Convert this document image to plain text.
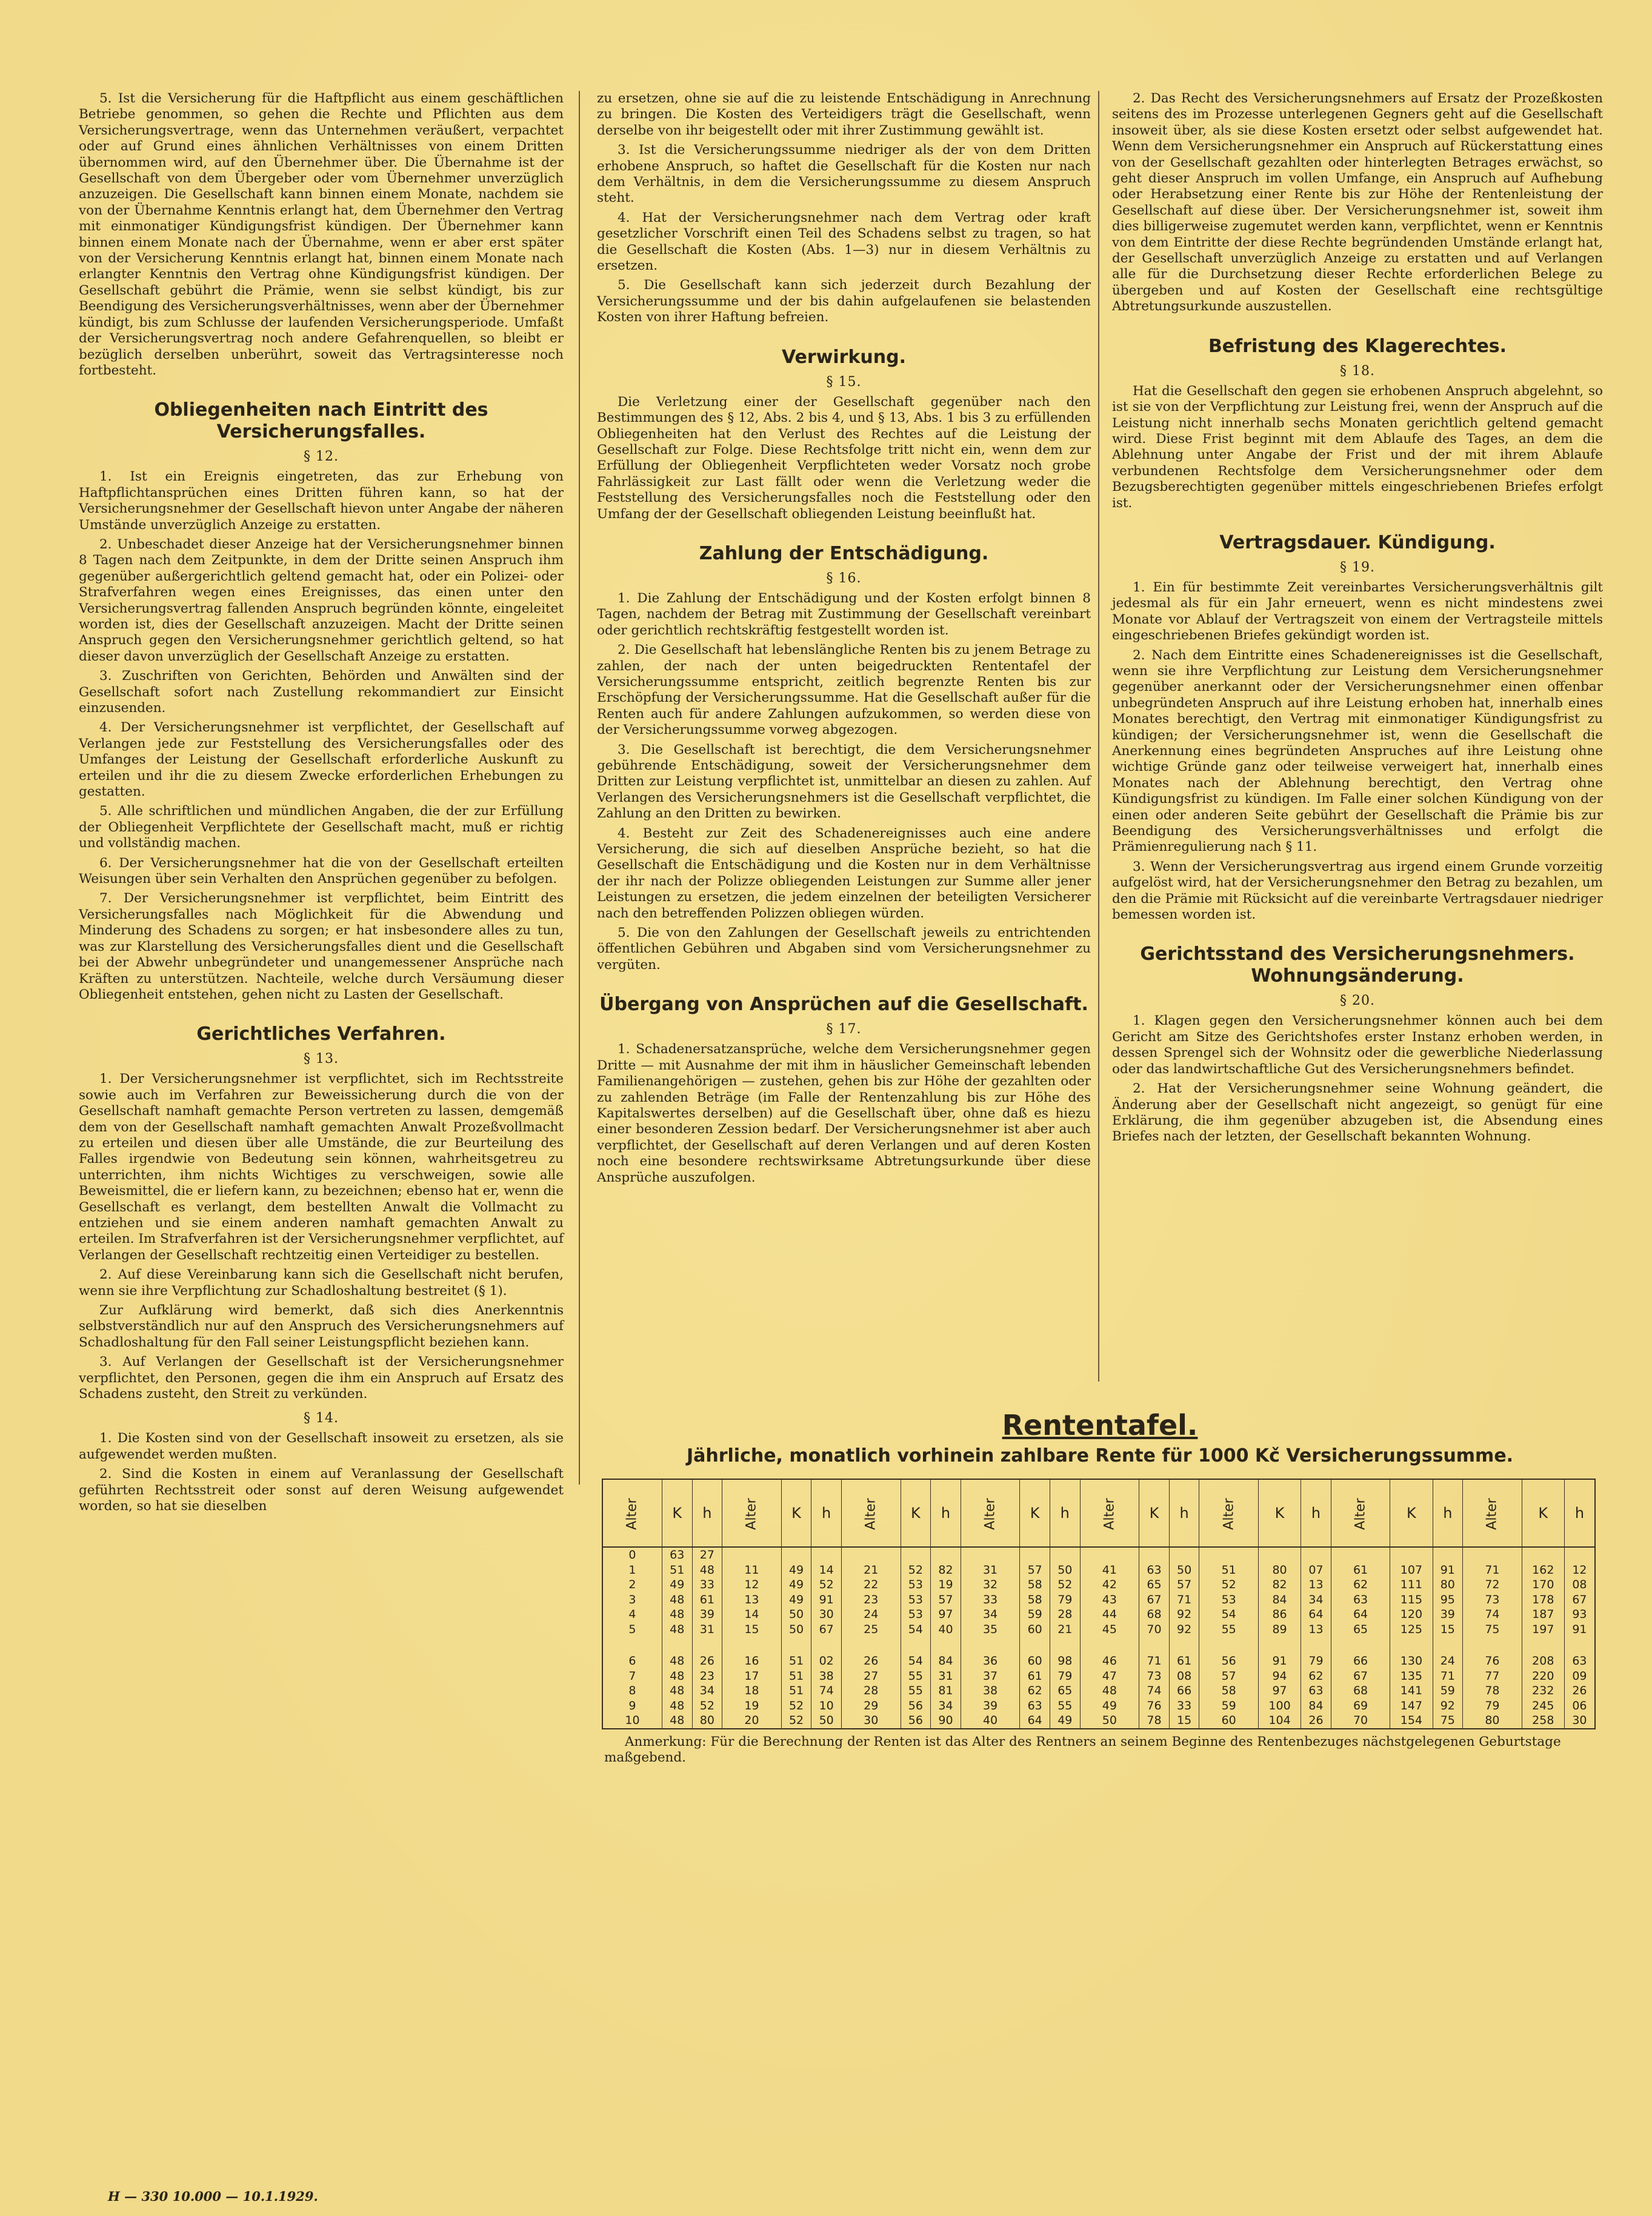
5. Ist die Versicherung für die Haftpflicht aus einem geschäftlichen Betriebe genommen, so gehen die Rechte und Pflichten aus dem Versicherungsvertrage, wenn das Unternehmen veräußert, verpachtet oder auf Grund eines ähnlichen Verhältnisses von einem Dritten übernommen wird, auf den Übernehmer über. Die Übernahme ist der Gesellschaft von dem Übergeber oder vom Übernehmer unverzüglich anzuzeigen. Die Gesellschaft kann binnen einem Monate, nachdem sie von der Übernahme Kenntnis erlangt hat, dem Übernehmer den Vertrag mit einmonatiger Kündigungsfrist kündigen. Der Übernehmer kann binnen einem Monate nach der Übernahme, wenn er aber erst später von der Versicherung Kenntnis erlangt hat, binnen einem Monate nach erlangter Kenntnis den Vertrag ohne Kündigungsfrist kündigen. Der Gesellschaft gebührt die Prämie, wenn sie selbst kündigt, bis zur Beendigung des Versicherungsverhältnisses, wenn aber der Übernehmer kündigt, bis zum Schlusse der laufenden Versicherungsperiode. Umfaßt der Versicherungsvertrag noch andere Gefahrenquellen, so bleibt er bezüglich derselben unberührt, soweit das Vertragsinteresse noch fortbesteht.

Obliegenheiten nach Eintritt des Versicherungsfalles.
§ 12.

1. Ist ein Ereignis eingetreten, das zur Erhebung von Haftpflichtansprüchen eines Dritten führen kann, so hat der Versicherungsnehmer der Gesellschaft hievon unter Angabe der näheren Umstände unverzüglich Anzeige zu erstatten.

2. Unbeschadet dieser Anzeige hat der Versicherungsnehmer binnen 8 Tagen nach dem Zeitpunkte, in dem der Dritte seinen Anspruch ihm gegenüber außergerichtlich geltend gemacht hat, oder ein Polizei- oder Strafverfahren wegen eines Ereignisses, das einen unter den Versicherungsvertrag fallenden Anspruch begründen könnte, eingeleitet worden ist, dies der Gesellschaft anzuzeigen. Macht der Dritte seinen Anspruch gegen den Versicherungsnehmer gerichtlich geltend, so hat dieser davon unverzüglich der Gesellschaft Anzeige zu erstatten.

3. Zuschriften von Gerichten, Behörden und Anwälten sind der Gesellschaft sofort nach Zustellung rekommandiert zur Einsicht einzusenden.

4. Der Versicherungsnehmer ist verpflichtet, der Gesellschaft auf Verlangen jede zur Feststellung des Versicherungsfalles oder des Umfanges der Leistung der Gesellschaft erforderliche Auskunft zu erteilen und ihr die zu diesem Zwecke erforderlichen Erhebungen zu gestatten.

5. Alle schriftlichen und mündlichen Angaben, die der zur Erfüllung der Obliegenheit Verpflichtete der Gesellschaft macht, muß er richtig und vollständig machen.

6. Der Versicherungsnehmer hat die von der Gesellschaft erteilten Weisungen über sein Verhalten den Ansprüchen gegenüber zu befolgen.

7. Der Versicherungsnehmer ist verpflichtet, beim Eintritt des Versicherungsfalles nach Möglichkeit für die Abwendung und Minderung des Schadens zu sorgen; er hat insbesondere alles zu tun, was zur Klarstellung des Versicherungsfalles dient und die Gesellschaft bei der Abwehr unbegründeter und unangemessener Ansprüche nach Kräften zu unterstützen. Nachteile, welche durch Versäumung dieser Obliegenheit entstehen, gehen nicht zu Lasten der Gesellschaft.

Gerichtliches Verfahren.
§ 13.

1. Der Versicherungsnehmer ist verpflichtet, sich im Rechtsstreite sowie auch im Verfahren zur Beweissicherung durch die von der Gesellschaft namhaft gemachte Person vertreten zu lassen, demgemäß dem von der Gesellschaft namhaft gemachten Anwalt Prozeßvollmacht zu erteilen und diesen über alle Umstände, die zur Beurteilung des Falles irgendwie von Bedeutung sein können, wahrheitsgetreu zu unterrichten, ihm nichts Wichtiges zu verschweigen, sowie alle Beweismittel, die er liefern kann, zu bezeichnen; ebenso hat er, wenn die Gesellschaft es verlangt, dem bestellten Anwalt die Vollmacht zu entziehen und sie einem anderen namhaft gemachten Anwalt zu erteilen. Im Strafverfahren ist der Versicherungsnehmer verpflichtet, auf Verlangen der Gesellschaft rechtzeitig einen Verteidiger zu bestellen.

2. Auf diese Vereinbarung kann sich die Gesellschaft nicht berufen, wenn sie ihre Verpflichtung zur Schadloshaltung bestreitet (§ 1).

Zur Aufklärung wird bemerkt, daß sich dies Anerkenntnis selbstverständlich nur auf den Anspruch des Versicherungsnehmers auf Schadloshaltung für den Fall seiner Leistungspflicht beziehen kann.

3. Auf Verlangen der Gesellschaft ist der Versicherungsnehmer verpflichtet, den Personen, gegen die ihm ein Anspruch auf Ersatz des Schadens zusteht, den Streit zu verkünden.

§ 14.

1. Die Kosten sind von der Gesellschaft insoweit zu ersetzen, als sie aufgewendet werden mußten.

2. Sind die Kosten in einem auf Veranlassung der Gesellschaft geführten Rechtsstreit oder sonst auf deren Weisung aufgewendet worden, so hat sie dieselben

zu ersetzen, ohne sie auf die zu leistende Entschädigung in Anrechnung zu bringen. Die Kosten des Verteidigers trägt die Gesellschaft, wenn derselbe von ihr beigestellt oder mit ihrer Zustimmung gewählt ist.

3. Ist die Versicherungssumme niedriger als der von dem Dritten erhobene Anspruch, so haftet die Gesellschaft für die Kosten nur nach dem Verhältnis, in dem die Versicherungssumme zu diesem Anspruch steht.

4. Hat der Versicherungsnehmer nach dem Vertrag oder kraft gesetzlicher Vorschrift einen Teil des Schadens selbst zu tragen, so hat die Gesellschaft die Kosten (Abs. 1—3) nur in diesem Verhältnis zu ersetzen.

5. Die Gesellschaft kann sich jederzeit durch Bezahlung der Versicherungssumme und der bis dahin aufgelaufenen sie belastenden Kosten von ihrer Haftung befreien.

Verwirkung.
§ 15.

Die Verletzung einer der Gesellschaft gegenüber nach den Bestimmungen des § 12, Abs. 2 bis 4, und § 13, Abs. 1 bis 3 zu erfüllenden Obliegenheiten hat den Verlust des Rechtes auf die Leistung der Gesellschaft zur Folge. Diese Rechtsfolge tritt nicht ein, wenn dem zur Erfüllung der Obliegenheit Verpflichteten weder Vorsatz noch grobe Fahrlässigkeit zur Last fällt oder wenn die Verletzung weder die Feststellung des Versicherungsfalles noch die Feststellung oder den Umfang der der Gesellschaft obliegenden Leistung beeinflußt hat.

Zahlung der Entschädigung.
§ 16.

1. Die Zahlung der Entschädigung und der Kosten erfolgt binnen 8 Tagen, nachdem der Betrag mit Zustimmung der Gesellschaft vereinbart oder gerichtlich rechtskräftig festgestellt worden ist.

2. Die Gesellschaft hat lebenslängliche Renten bis zu jenem Betrage zu zahlen, der nach der unten beigedruckten Rententafel der Versicherungssumme entspricht, zeitlich begrenzte Renten bis zur Erschöpfung der Versicherungssumme. Hat die Gesellschaft außer für die Renten auch für andere Zahlungen aufzukommen, so werden diese von der Versicherungssumme vorweg abgezogen.

3. Die Gesellschaft ist berechtigt, die dem Versicherungsnehmer gebührende Entschädigung, soweit der Versicherungsnehmer dem Dritten zur Leistung verpflichtet ist, unmittelbar an diesen zu zahlen. Auf Verlangen des Versicherungsnehmers ist die Gesellschaft verpflichtet, die Zahlung an den Dritten zu bewirken.

4. Besteht zur Zeit des Schadenereignisses auch eine andere Versicherung, die sich auf dieselben Ansprüche bezieht, so hat die Gesellschaft die Entschädigung und die Kosten nur in dem Verhältnisse der ihr nach der Polizze obliegenden Leistungen zur Summe aller jener Leistungen zu ersetzen, die jedem einzelnen der beteiligten Versicherer nach den betreffenden Polizzen obliegen würden.

5. Die von den Zahlungen der Gesellschaft jeweils zu entrichtenden öffentlichen Gebühren und Abgaben sind vom Versicherungsnehmer zu vergüten.

Übergang von Ansprüchen auf die Gesellschaft.
§ 17.

1. Schadenersatzansprüche, welche dem Versicherungsnehmer gegen Dritte — mit Ausnahme der mit ihm in häuslicher Gemeinschaft lebenden Familienangehörigen — zustehen, gehen bis zur Höhe der gezahlten oder zu zahlenden Beträge (im Falle der Rentenzahlung bis zur Höhe des Kapitalswertes derselben) auf die Gesellschaft über, ohne daß es hiezu einer besonderen Zession bedarf. Der Versicherungsnehmer ist aber auch verpflichtet, der Gesellschaft auf deren Verlangen und auf deren Kosten noch eine besondere rechtswirksame Abtretungsurkunde über diese Ansprüche auszufolgen.

2. Das Recht des Versicherungsnehmers auf Ersatz der Prozeßkosten seitens des im Prozesse unterlegenen Gegners geht auf die Gesellschaft insoweit über, als sie diese Kosten ersetzt oder selbst aufgewendet hat. Wenn dem Versicherungsnehmer ein Anspruch auf Rückerstattung eines von der Gesellschaft gezahlten oder hinterlegten Betrages erwächst, so geht dieser Anspruch im vollen Umfange, ein Anspruch auf Aufhebung oder Herabsetzung einer Rente bis zur Höhe der Rentenleistung der Gesellschaft auf diese über. Der Versicherungsnehmer ist, soweit ihm dies billigerweise zugemutet werden kann, verpflichtet, wenn er Kenntnis von dem Eintritte der diese Rechte begründenden Umstände erlangt hat, der Gesellschaft unverzüglich Anzeige zu erstatten und auf Verlangen alle für die Durchsetzung dieser Rechte erforderlichen Belege zu übergeben und auf Kosten der Gesellschaft eine rechtsgültige Abtretungsurkunde auszustellen.

Befristung des Klagerechtes.
§ 18.

Hat die Gesellschaft den gegen sie erhobenen Anspruch abgelehnt, so ist sie von der Verpflichtung zur Leistung frei, wenn der Anspruch auf die Leistung nicht innerhalb sechs Monaten gerichtlich geltend gemacht wird. Diese Frist beginnt mit dem Ablaufe des Tages, an dem die Ablehnung unter Angabe der Frist und der mit ihrem Ablaufe verbundenen Rechtsfolge dem Versicherungsnehmer oder dem Bezugsberechtigten gegenüber mittels eingeschriebenen Briefes erfolgt ist.

Vertragsdauer. Kündigung.
§ 19.

1. Ein für bestimmte Zeit vereinbartes Versicherungsverhältnis gilt jedesmal als für ein Jahr erneuert, wenn es nicht mindestens zwei Monate vor Ablauf der Vertragszeit von einem der Vertragsteile mittels eingeschriebenen Briefes gekündigt worden ist.

2. Nach dem Eintritte eines Schadenereignisses ist die Gesellschaft, wenn sie ihre Verpflichtung zur Leistung dem Versicherungsnehmer gegenüber anerkannt oder der Versicherungsnehmer einen offenbar unbegründeten Anspruch auf ihre Leistung erhoben hat, innerhalb eines Monates berechtigt, den Vertrag mit einmonatiger Kündigungsfrist zu kündigen; der Versicherungsnehmer ist, wenn die Gesellschaft die Anerkennung eines begründeten Anspruches auf ihre Leistung ohne wichtige Gründe ganz oder teilweise verweigert hat, innerhalb eines Monates nach der Ablehnung berechtigt, den Vertrag ohne Kündigungsfrist zu kündigen. Im Falle einer solchen Kündigung von der einen oder anderen Seite gebührt der Gesellschaft die Prämie bis zur Beendigung des Versicherungsverhältnisses und erfolgt die Prämienregulierung nach § 11.

3. Wenn der Versicherungsvertrag aus irgend einem Grunde vorzeitig aufgelöst wird, hat der Versicherungsnehmer den Betrag zu bezahlen, um den die Prämie mit Rücksicht auf die vereinbarte Vertragsdauer niedriger bemessen worden ist.

Gerichtsstand des Versicherungsnehmers. Wohnungsänderung.
§ 20.

1. Klagen gegen den Versicherungsnehmer können auch bei dem Gericht am Sitze des Gerichtshofes erster Instanz erhoben werden, in dessen Sprengel sich der Wohnsitz oder die gewerbliche Niederlassung oder das landwirtschaftliche Gut des Versicherungsnehmers befindet.

2. Hat der Versicherungsnehmer seine Wohnung geändert, die Änderung aber der Gesellschaft nicht angezeigt, so genügt für eine Erklärung, die ihm gegenüber abzugeben ist, die Absendung eines Briefes nach der letzten, der Gesellschaft bekannten Wohnung.

Rententafel.
Jährliche, monatlich vorhinein zahlbare Rente für 1000 Kč Versicherungssumme.
Alter	K	h	Alter	K	h	Alter	K	h	Alter	K	h	Alter	K	h	Alter	K	h	Alter	K	h	Alter	K	h
0	63	27																					
1	51	48	11	49	14	21	52	82	31	57	50	41	63	50	51	80	07	61	107	91	71	162	12
2	49	33	12	49	52	22	53	19	32	58	52	42	65	57	52	82	13	62	111	80	72	170	08
3	48	61	13	49	91	23	53	57	33	58	79	43	67	71	53	84	34	63	115	95	73	178	67
4	48	39	14	50	30	24	53	97	34	59	28	44	68	92	54	86	64	64	120	39	74	187	93
5	48	31	15	50	67	25	54	40	35	60	21	45	70	92	55	89	13	65	125	15	75	197	91

6	48	26	16	51	02	26	54	84	36	60	98	46	71	61	56	91	79	66	130	24	76	208	63
7	48	23	17	51	38	27	55	31	37	61	79	47	73	08	57	94	62	67	135	71	77	220	09
8	48	34	18	51	74	28	55	81	38	62	65	48	74	66	58	97	63	68	141	59	78	232	26
9	48	52	19	52	10	29	56	34	39	63	55	49	76	33	59	100	84	69	147	92	79	245	06
10	48	80	20	52	50	30	56	90	40	64	49	50	78	15	60	104	26	70	154	75	80	258	30
Anmerkung: Für die Berechnung der Renten ist das Alter des Rentners an seinem Beginne des Rentenbezuges nächstgelegenen Geburtstage maßgebend.
H — 330 10.000 — 10.1.1929.
